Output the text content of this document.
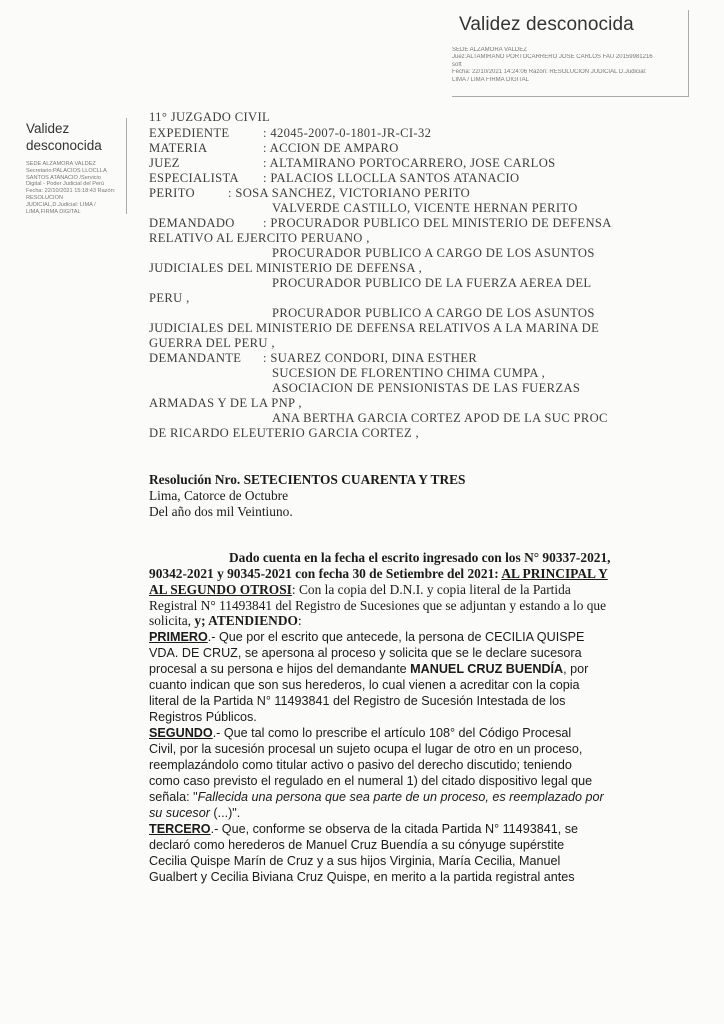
Validez desconocida
SEDE ALZAMORA VALDEZ
Juez:ALTAMIRANO PORTOCARRERO JOSE CARLOS FAU 20159981216
soft
Fecha: 22/10/2021 14:24:06 Razón: RESOLUCIÓN JUDICIAL D.Judicial:
LIMA / LIMA FIRMA DIGITAL
Validez
desconocida
SEDE ALZAMORA VALDEZ
Secretario:PALACIOS LLOCLLA
SANTOS ATANACIO /Servicio
Digital - Poder Judicial del Perú
Fecha: 22/10/2021 15:18:43 Razón:
RESOLUCIÓN
JUDICIAL,D.Judicial: LIMA /
LIMA,FIRMA DIGITAL
11° JUZGADO CIVIL
EXPEDIENTE	: 42045-2007-0-1801-JR-CI-32
MATERIA	: ACCION DE AMPARO
JUEZ	: ALTAMIRANO PORTOCARRERO, JOSE CARLOS
ESPECIALISTA : PALACIOS LLOCLLA SANTOS ATANACIO
PERITO	: SOSA SANCHEZ, VICTORIANO PERITO
VALVERDE CASTILLO, VICENTE HERNAN PERITO
DEMANDADO : PROCURADOR PUBLICO DEL MINISTERIO DE DEFENSA
RELATIVO AL EJERCITO PERUANO ,
PROCURADOR PUBLICO A CARGO DE LOS ASUNTOS
JUDICIALES DEL MINISTERIO DE DEFENSA ,
PROCURADOR PUBLICO DE LA FUERZA AEREA DEL
PERU ,
PROCURADOR PUBLICO A CARGO DE LOS ASUNTOS
JUDICIALES DEL MINISTERIO DE DEFENSA RELATIVOS A LA MARINA DE
GUERRA DEL PERU ,
DEMANDANTE : SUAREZ CONDORI, DINA ESTHER
SUCESION DE FLORENTINO CHIMA CUMPA ,
ASOCIACION DE PENSIONISTAS DE LAS FUERZAS
ARMADAS Y DE LA PNP ,
ANA BERTHA GARCIA CORTEZ APOD DE LA SUC PROC
DE RICARDO ELEUTERIO GARCIA CORTEZ ,
Resolución Nro. SETECIENTOS CUARENTA Y TRES
Lima, Catorce de Octubre
Del año dos mil Veintiuno.
Dado cuenta en la fecha el escrito ingresado con los N° 90337-2021,
90342-2021 y 90345-2021 con fecha 30 de Setiembre del 2021: AL PRINCIPAL Y
AL SEGUNDO OTROSI: Con la copia del D.N.I. y copia literal de la Partida
Registral N° 11493841 del Registro de Sucesiones que se adjuntan y estando a lo que
solicita, y; ATENDIENDO:
PRIMERO.- Que por el escrito que antecede, la persona de CECILIA QUISPE
VDA. DE CRUZ, se apersona al proceso y solicita que se le declare sucesora
procesal a su persona e hijos del demandante MANUEL CRUZ BUENDÍA, por
cuanto indican que son sus herederos, lo cual vienen a acreditar con la copia
literal de la Partida N° 11493841 del Registro de Sucesión Intestada de los
Registros Públicos.
SEGUNDO.- Que tal como lo prescribe el artículo 108° del Código Procesal
Civil, por la sucesión procesal un sujeto ocupa el lugar de otro en un proceso,
reemplazándolo como titular activo o pasivo del derecho discutido; teniendo
como caso previsto el regulado en el numeral 1) del citado dispositivo legal que
señala: "Fallecida una persona que sea parte de un proceso, es reemplazado por
su sucesor (...)".
TERCERO.- Que, conforme se observa de la citada Partida N° 11493841, se
declaró como herederos de Manuel Cruz Buendía a su cónyuge supérstite
Cecilia Quispe Marín de Cruz y a sus hijos Virginia, María Cecilia, Manuel
Gualbert y Cecilia Biviana Cruz Quispe, en merito a la partida registral antes
